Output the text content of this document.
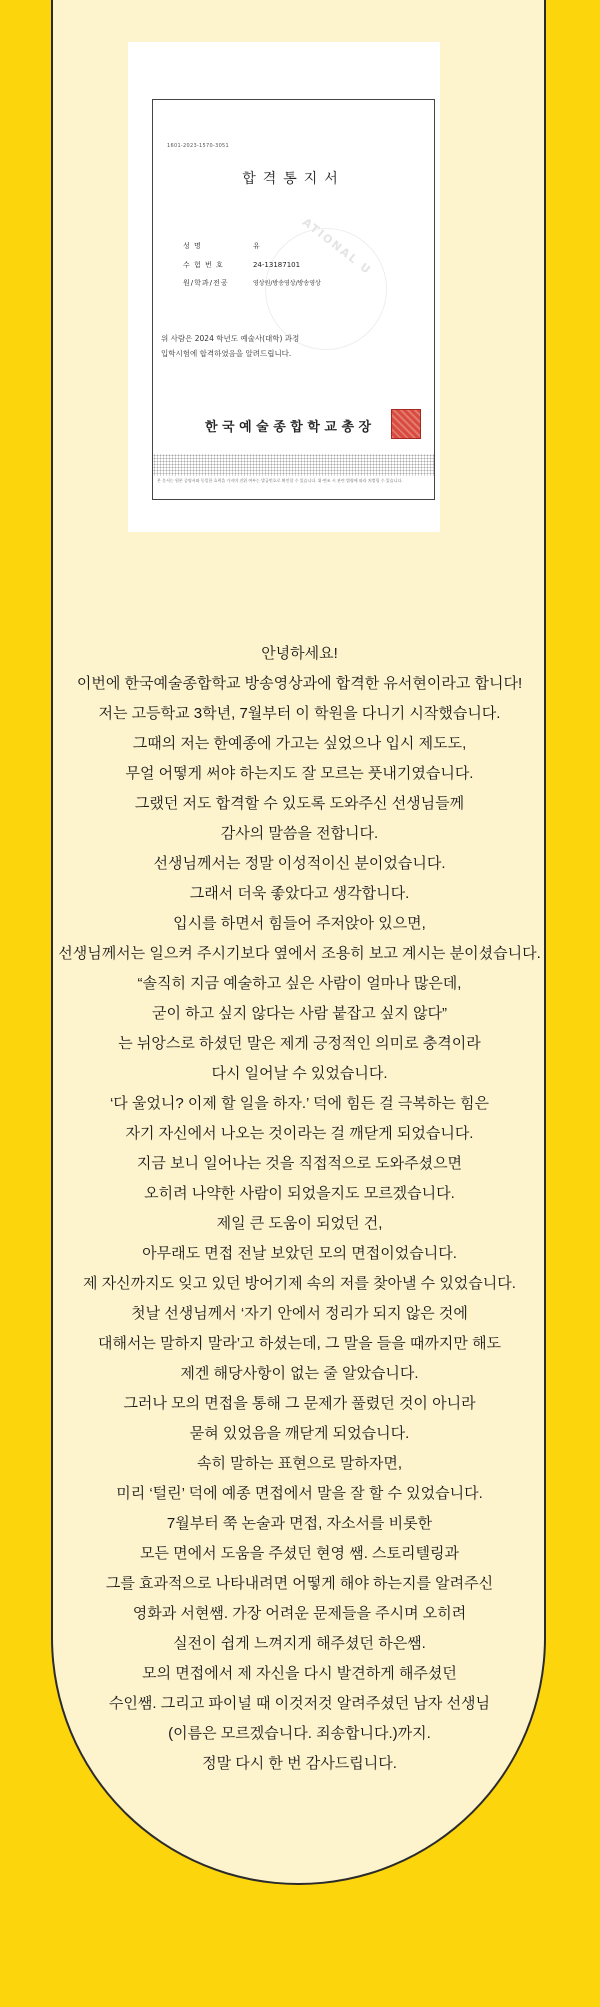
1601-2023-1570-3051
합격통지서
ATIONAL U
성 명	유
수 험 번 호	24-13187101
원/학과/전공	영상원/방송영상/방송영상
위 사람은 2024 학년도 예술사(대학) 과정
입학시험에 합격하였음을 알려드립니다.
한국예술종합학교총장
본 문서는 원본 증명서와 동일한 효력을 가지며 진위 여부는 발급번호로 확인할 수 있습니다. 위·변조 시 관련 법령에 따라 처벌될 수 있습니다.
안녕하세요!
이번에 한국예술종합학교 방송영상과에 합격한 유서현이라고 합니다!
저는 고등학교 3학년, 7월부터 이 학원을 다니기 시작했습니다.
그때의 저는 한예종에 가고는 싶었으나 입시 제도도,
무얼 어떻게 써야 하는지도 잘 모르는 풋내기였습니다.
그랬던 저도 합격할 수 있도록 도와주신 선생님들께
감사의 말씀을 전합니다.
선생님께서는 정말 이성적이신 분이었습니다.
그래서 더욱 좋았다고 생각합니다.
입시를 하면서 힘들어 주저앉아 있으면,
선생님께서는 일으켜 주시기보다 옆에서 조용히 보고 계시는 분이셨습니다.
“솔직히 지금 예술하고 싶은 사람이 얼마나 많은데,
굳이 하고 싶지 않다는 사람 붙잡고 싶지 않다”
는 뉘앙스로 하셨던 말은 제게 긍정적인 의미로 충격이라
다시 일어날 수 있었습니다.
‘다 울었니? 이제 할 일을 하자.’ 덕에 힘든 걸 극복하는 힘은
자기 자신에서 나오는 것이라는 걸 깨닫게 되었습니다.
지금 보니 일어나는 것을 직접적으로 도와주셨으면
오히려 나약한 사람이 되었을지도 모르겠습니다.
제일 큰 도움이 되었던 건,
아무래도 면접 전날 보았던 모의 면접이었습니다.
제 자신까지도 잊고 있던 방어기제 속의 저를 찾아낼 수 있었습니다.
첫날 선생님께서 ‘자기 안에서 정리가 되지 않은 것에
대해서는 말하지 말라’고 하셨는데, 그 말을 들을 때까지만 해도
제겐 해당사항이 없는 줄 알았습니다.
그러나 모의 면접을 통해 그 문제가 풀렸던 것이 아니라
묻혀 있었음을 깨닫게 되었습니다.
속히 말하는 표현으로 말하자면,
미리 ‘털린’ 덕에 예종 면접에서 말을 잘 할 수 있었습니다.
7월부터 쭉 논술과 면접, 자소서를 비롯한
모든 면에서 도움을 주셨던 현영 쌤. 스토리텔링과
그를 효과적으로 나타내려면 어떻게 해야 하는지를 알려주신
영화과 서현쌤. 가장 어려운 문제들을 주시며 오히려
실전이 쉽게 느껴지게 해주셨던 하은쌤.
모의 면접에서 제 자신을 다시 발견하게 해주셨던
수인쌤. 그리고 파이널 때 이것저것 알려주셨던 남자 선생님
(이름은 모르겠습니다. 죄송합니다.)까지.
정말 다시 한 번 감사드립니다.
